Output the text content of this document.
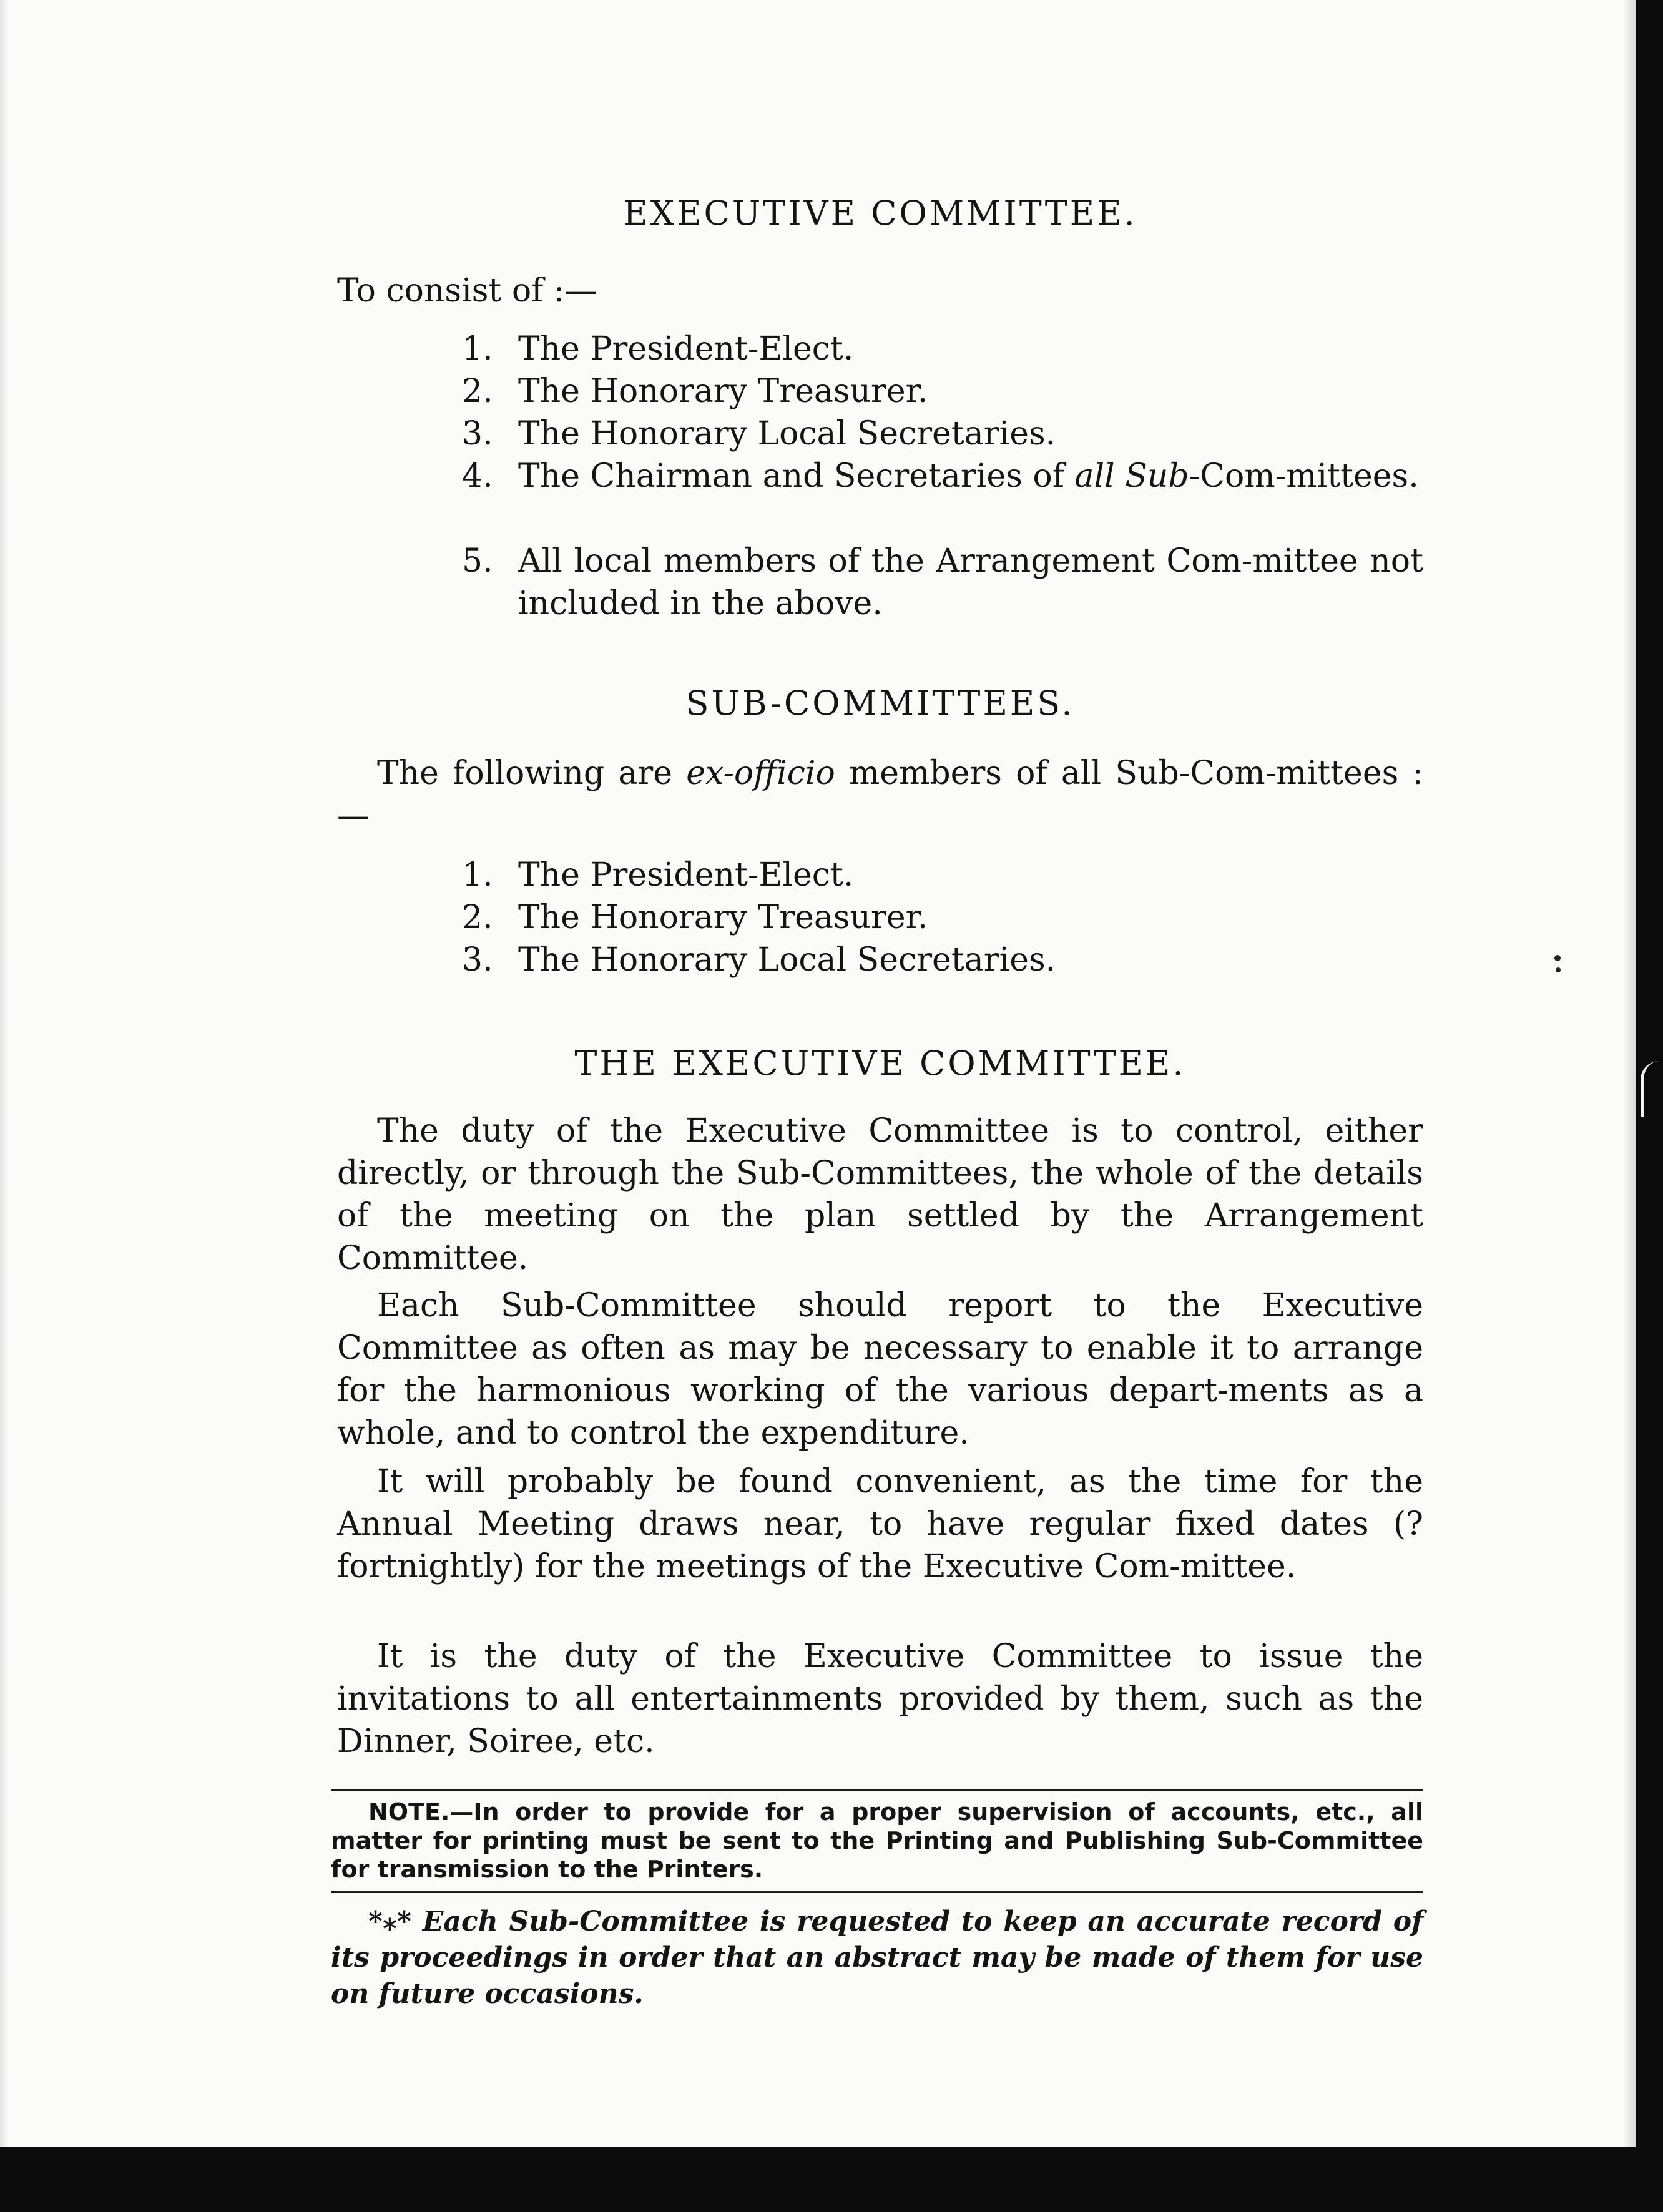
EXECUTIVE COMMITTEE.
To consist of :—
1. The President-Elect.
2. The Honorary Treasurer.
3. The Honorary Local Secretaries.
4. The Chairman and Secretaries of all Sub-Com-mittees.
5. All local members of the Arrangement Com-mittee not included in the above.
SUB-COMMITTEES.
The following are ex-officio members of all Sub-Com-mittees :—
1. The President-Elect.
2. The Honorary Treasurer.
3. The Honorary Local Secretaries.
THE EXECUTIVE COMMITTEE.
The duty of the Executive Committee is to control, either directly, or through the Sub-Committees, the whole of the details of the meeting on the plan settled by the Arrangement Committee.
Each Sub-Committee should report to the Executive Committee as often as may be necessary to enable it to arrange for the harmonious working of the various depart-ments as a whole, and to control the expenditure.
It will probably be found convenient, as the time for the Annual Meeting draws near, to have regular fixed dates (? fortnightly) for the meetings of the Executive Com-mittee.
It is the duty of the Executive Committee to issue the invitations to all entertainments provided by them, such as the Dinner, Soiree, etc.
NOTE.—In order to provide for a proper supervision of accounts, etc., all matter for printing must be sent to the Printing and Publishing Sub-Committee for transmission to the Printers.
*⁎* Each Sub-Committee is requested to keep an accurate record of its proceedings in order that an abstract may be made of them for use on future occasions.
